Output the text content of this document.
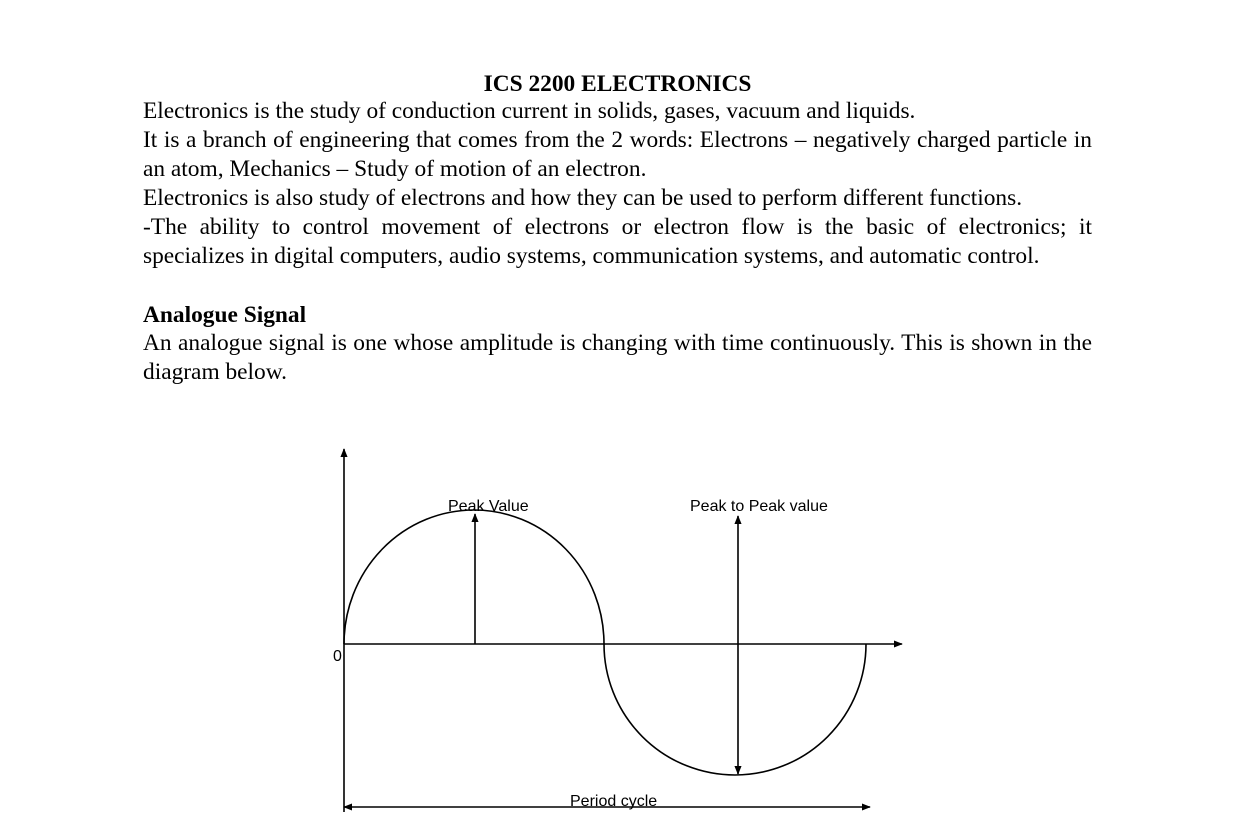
ICS 2200 ELECTRONICS

Electronics is the study of conduction current in solids, gases, vacuum and liquids.

It is a branch of engineering that comes from the 2 words: Electrons – negatively charged particle in an atom, Mechanics – Study of motion of an electron.

Electronics is also study of electrons and how they can be used to perform different functions.

-The ability to control movement of electrons or electron flow is the basic of electronics; it specializes in digital computers, audio systems, communication systems, and automatic control.

Analogue Signal

An analogue signal is one whose amplitude is changing with time continuously. This is shown in the diagram below.

0
Peak Value	Peak to Peak value
Period cycle
